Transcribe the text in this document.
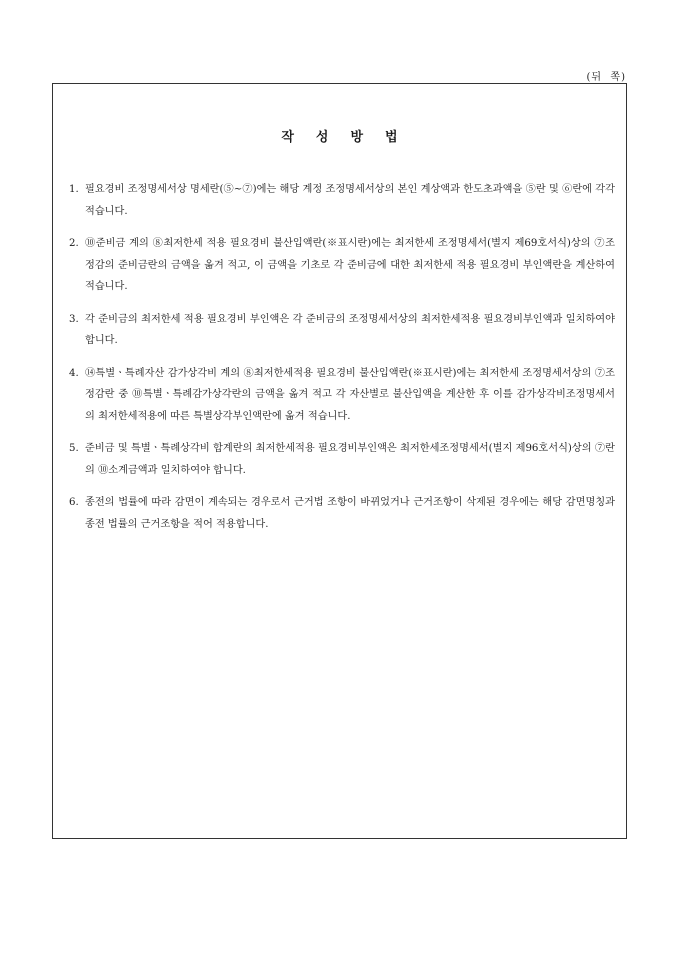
(뒤  쪽)
작성방법
1. 필요경비 조정명세서상 명세란(⑤~⑦)에는 해당 계정 조정명세서상의 본인 계상액과 한도초과액을 ⑤란 및 ⑥란에 각각 적습니다.
2. ⑩준비금 계의 ⑧최저한세 적용 필요경비 불산입액란(※표시란)에는 최저한세 조정명세서(별지 제69호서식)상의 ⑦조정감의 준비금란의 금액을 옮겨 적고, 이 금액을 기초로 각 준비금에 대한 최저한세 적용 필요경비 부인액란을 계산하여 적습니다.
3. 각 준비금의 최저한세 적용 필요경비 부인액은 각 준비금의 조정명세서상의 최저한세적용 필요경비부인액과 일치하여야 합니다.
4. ⑭특별ㆍ특례자산 감가상각비 계의 ⑧최저한세적용 필요경비 불산입액란(※표시란)에는 최저한세 조정명세서상의 ⑦조정감란 중 ⑩특별ㆍ특례감가상각란의 금액을 옮겨 적고 각 자산별로 불산입액을 계산한 후 이를 감가상각비조정명세서의 최저한세적용에 따른 특별상각부인액란에 옮겨 적습니다.
5. 준비금 및 특별ㆍ특례상각비 합계란의 최저한세적용 필요경비부인액은 최저한세조정명세서(별지 제96호서식)상의 ⑦란의 ⑩소계금액과 일치하여야 합니다.
6. 종전의 법률에 따라 감면이 계속되는 경우로서 근거법 조항이 바뀌었거나 근거조항이 삭제된 경우에는 해당 감면명칭과 종전 법률의 근거조항을 적어 적용합니다.
